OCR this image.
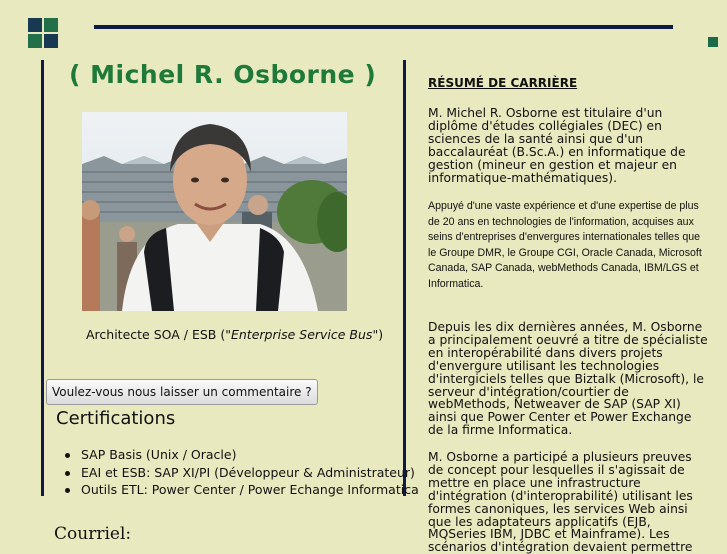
( Michel R. Osborne )
Architecte SOA / ESB ("Enterprise Service Bus")
Voulez-vous nous laisser un commentaire ?
Certifications
SAP Basis (Unix / Oracle)
EAI et ESB: SAP XI/PI (Développeur & Administrateur)
Outils ETL: Power Center / Power Echange Informatica
Courriel:
RÉSUMÉ DE CARRIÈRE

M. Michel R. Osborne est titulaire d'un diplôme d'études collégiales (DEC) en sciences de la santé ainsi que d'un baccalauréat (B.Sc.A.) en informatique de gestion (mineur en gestion et majeur en informatique-mathématiques).

Appuyé d'une vaste expérience et d'une expertise de plus de 20 ans en technologies de l'information, acquises aux seins d'entreprises d'envergures internationales telles que le Groupe DMR, le Groupe CGI, Oracle Canada, Microsoft Canada, SAP Canada, webMethods Canada, IBM/LGS et Informatica.

Depuis les dix dernières années, M. Osborne a principalement oeuvré a titre de spécialiste en interopérabilité dans divers projets d'envergure utilisant les technologies d'intergiciels telles que Biztalk (Microsoft), le serveur d'intégration/courtier de webMethods, Netweaver de SAP (SAP XI) ainsi que Power Center et Power Exchange de la firme Informatica.

M. Osborne a participé a plusieurs preuves de concept pour lesquelles il s'agissait de mettre en place une infrastructure d'intégration (d'interoprabilité) utilisant les formes canoniques, les services Web ainsi que les adaptateurs applicatifs (EJB, MQSeries IBM, JDBC et Mainframe). Les scénarios d'intégration devaient permettre
